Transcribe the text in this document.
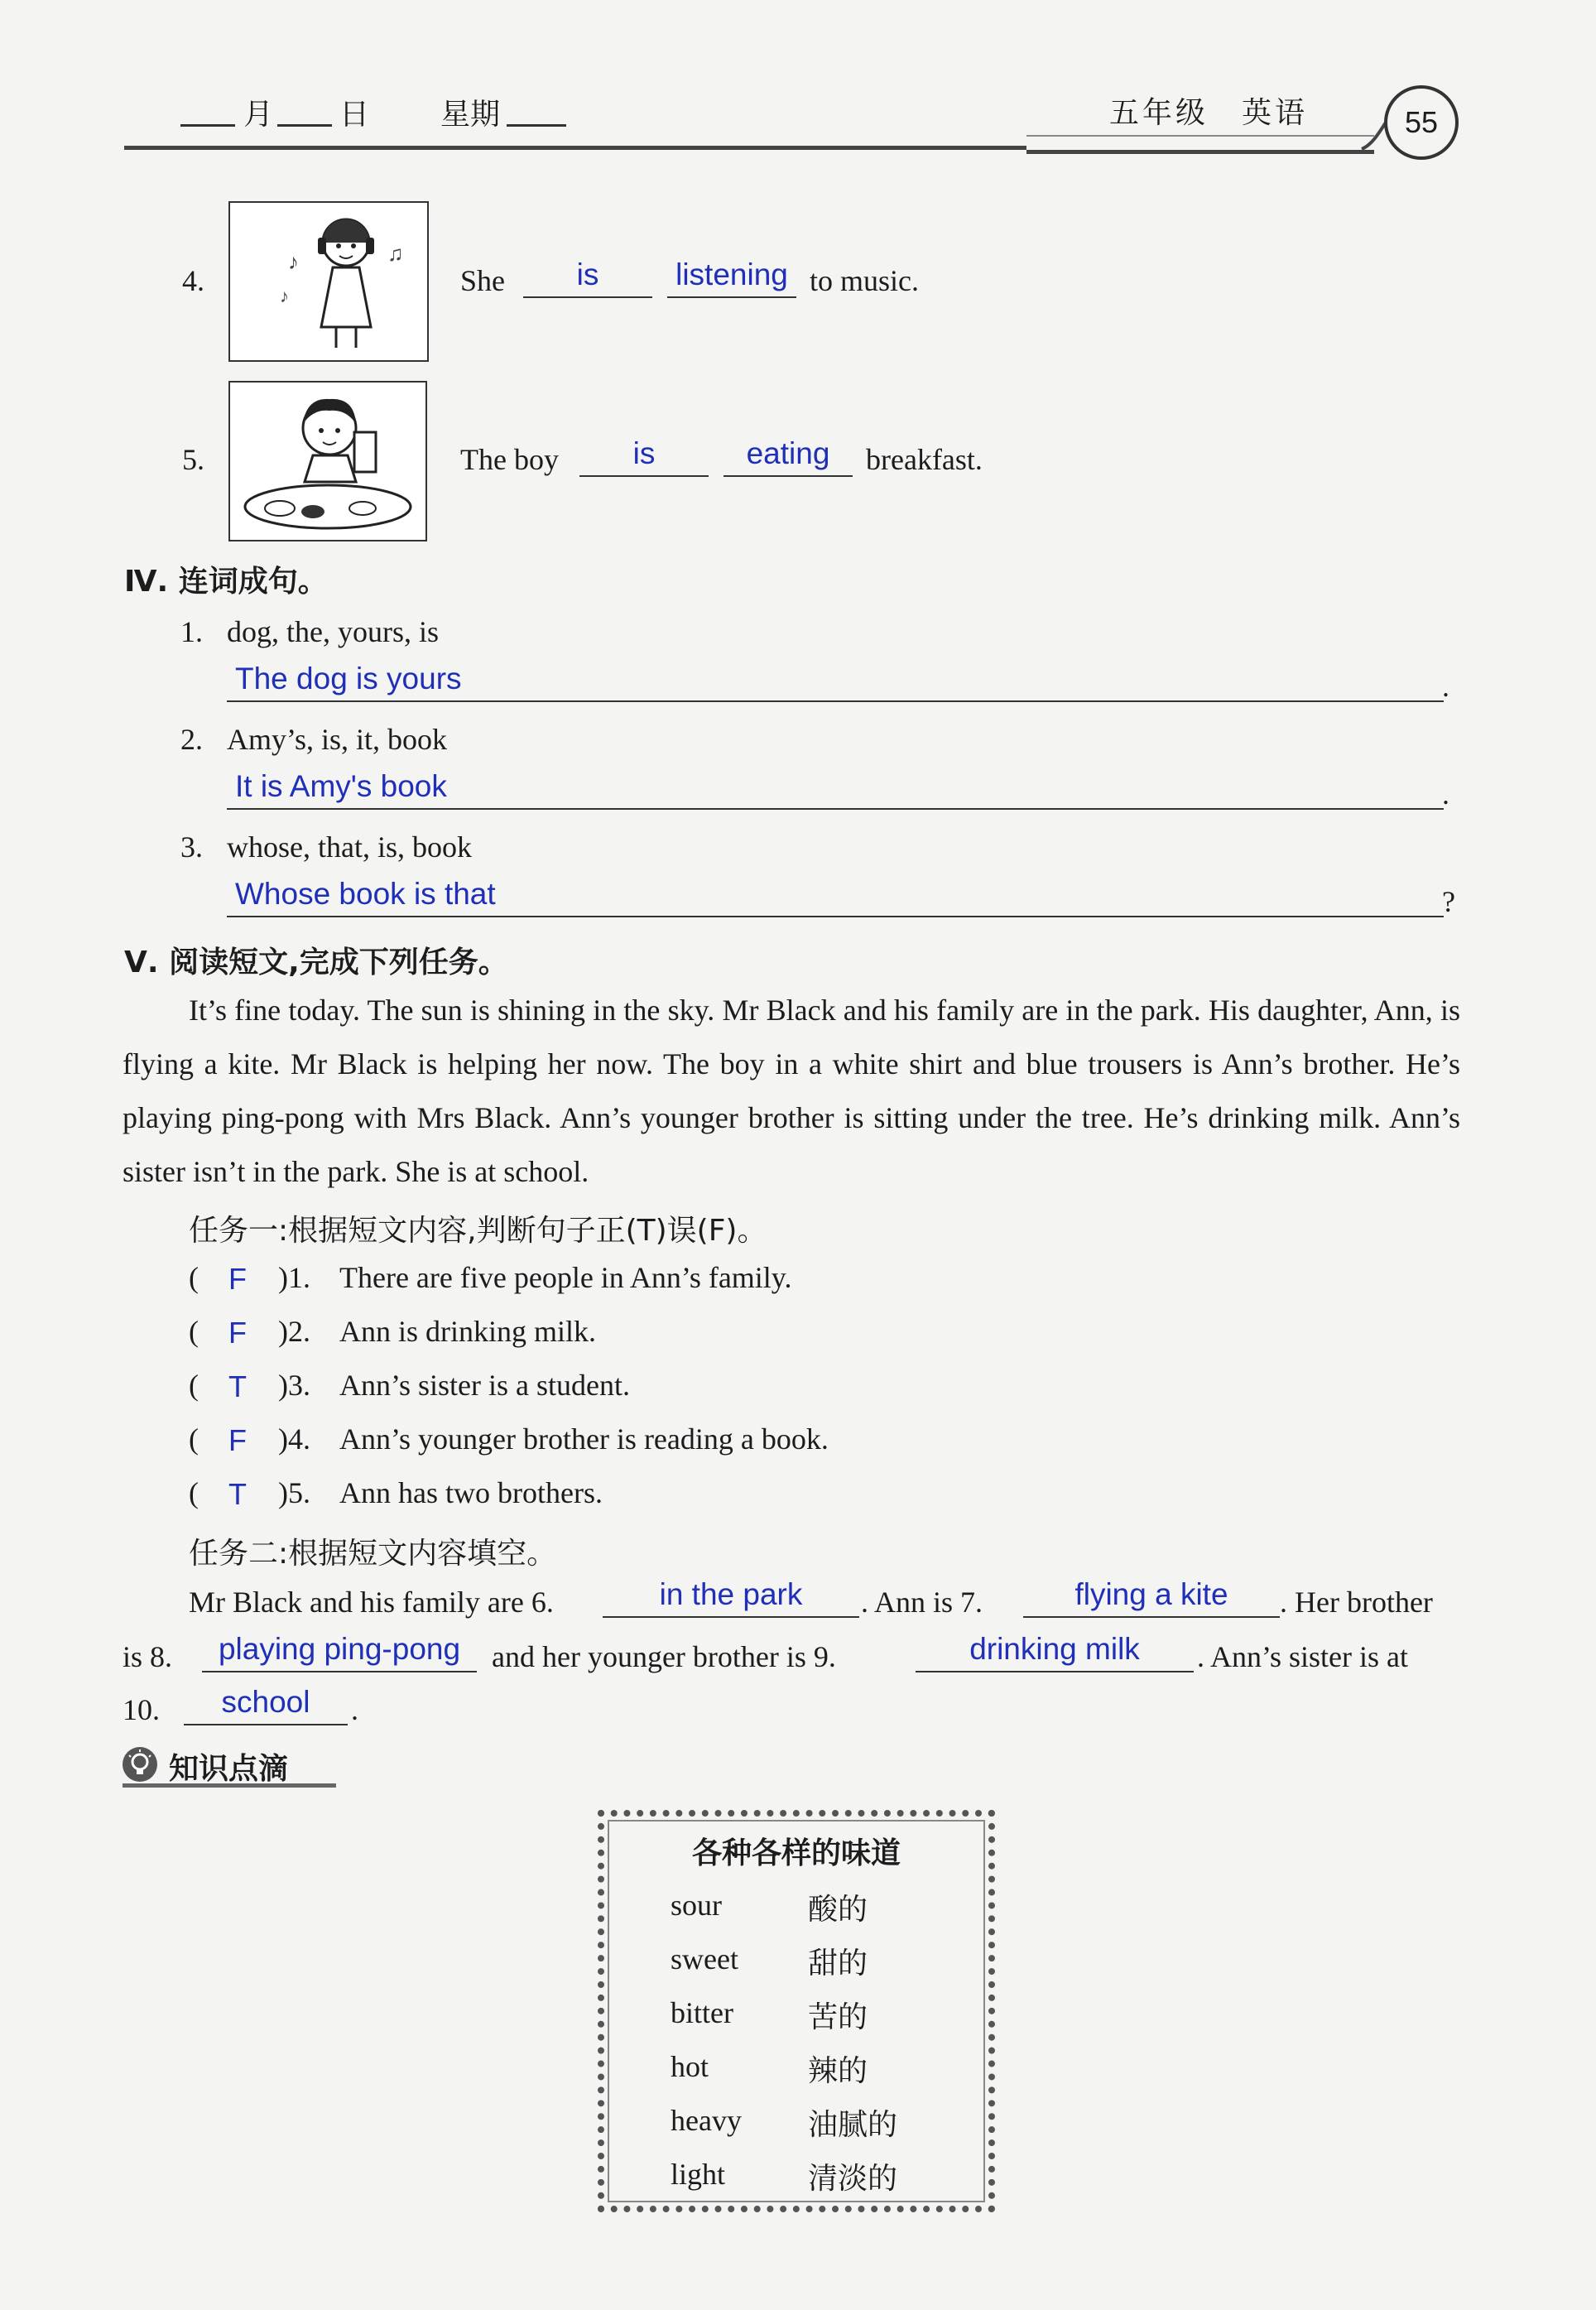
月 日 星期	五年级 英语	55
4.
♪	♫
♪	She	is	listening to music.
5.	The boy	is	eating	breakfast.
Ⅳ. 连词成句。
1. dog, the, yours, is
The dog is yours	.
2. Amy’s, is, it, book
It is Amy's book	.
3. whose, that, is, book
Whose book is that	?
Ⅴ. 阅读短文,完成下列任务。
It’s fine today. The sun is shining in the sky. Mr Black and his family are in the park. His daughter, Ann, is flying a kite. Mr Black is helping her now. The boy in a white shirt and blue trousers is Ann’s brother. He’s playing ping-pong with Mrs Black. Ann’s younger brother is sitting under the tree. He’s drinking milk. Ann’s sister isn’t in the park. She is at school.
任务一:根据短文内容,判断句子正(T)误(F)。
( F )1. There are five people in Ann’s family.
( F )2. Ann is drinking milk.
( T )3. Ann’s sister is a student.
( F )4. Ann’s younger brother is reading a book.
( T )5. Ann has two brothers.
任务二:根据短文内容填空。
Mr Black and his family are 6.	in the park	. Ann is 7.	flying a kite	. Her brother
is 8.	playing ping-pong	and her younger brother is 9.	drinking milk	. Ann’s sister is at
10.	school	.
知识点滴
各种各样的味道
sour	酸的
sweet 甜的
bitter	苦的
hot	辣的
heavy 油腻的
light	清淡的
